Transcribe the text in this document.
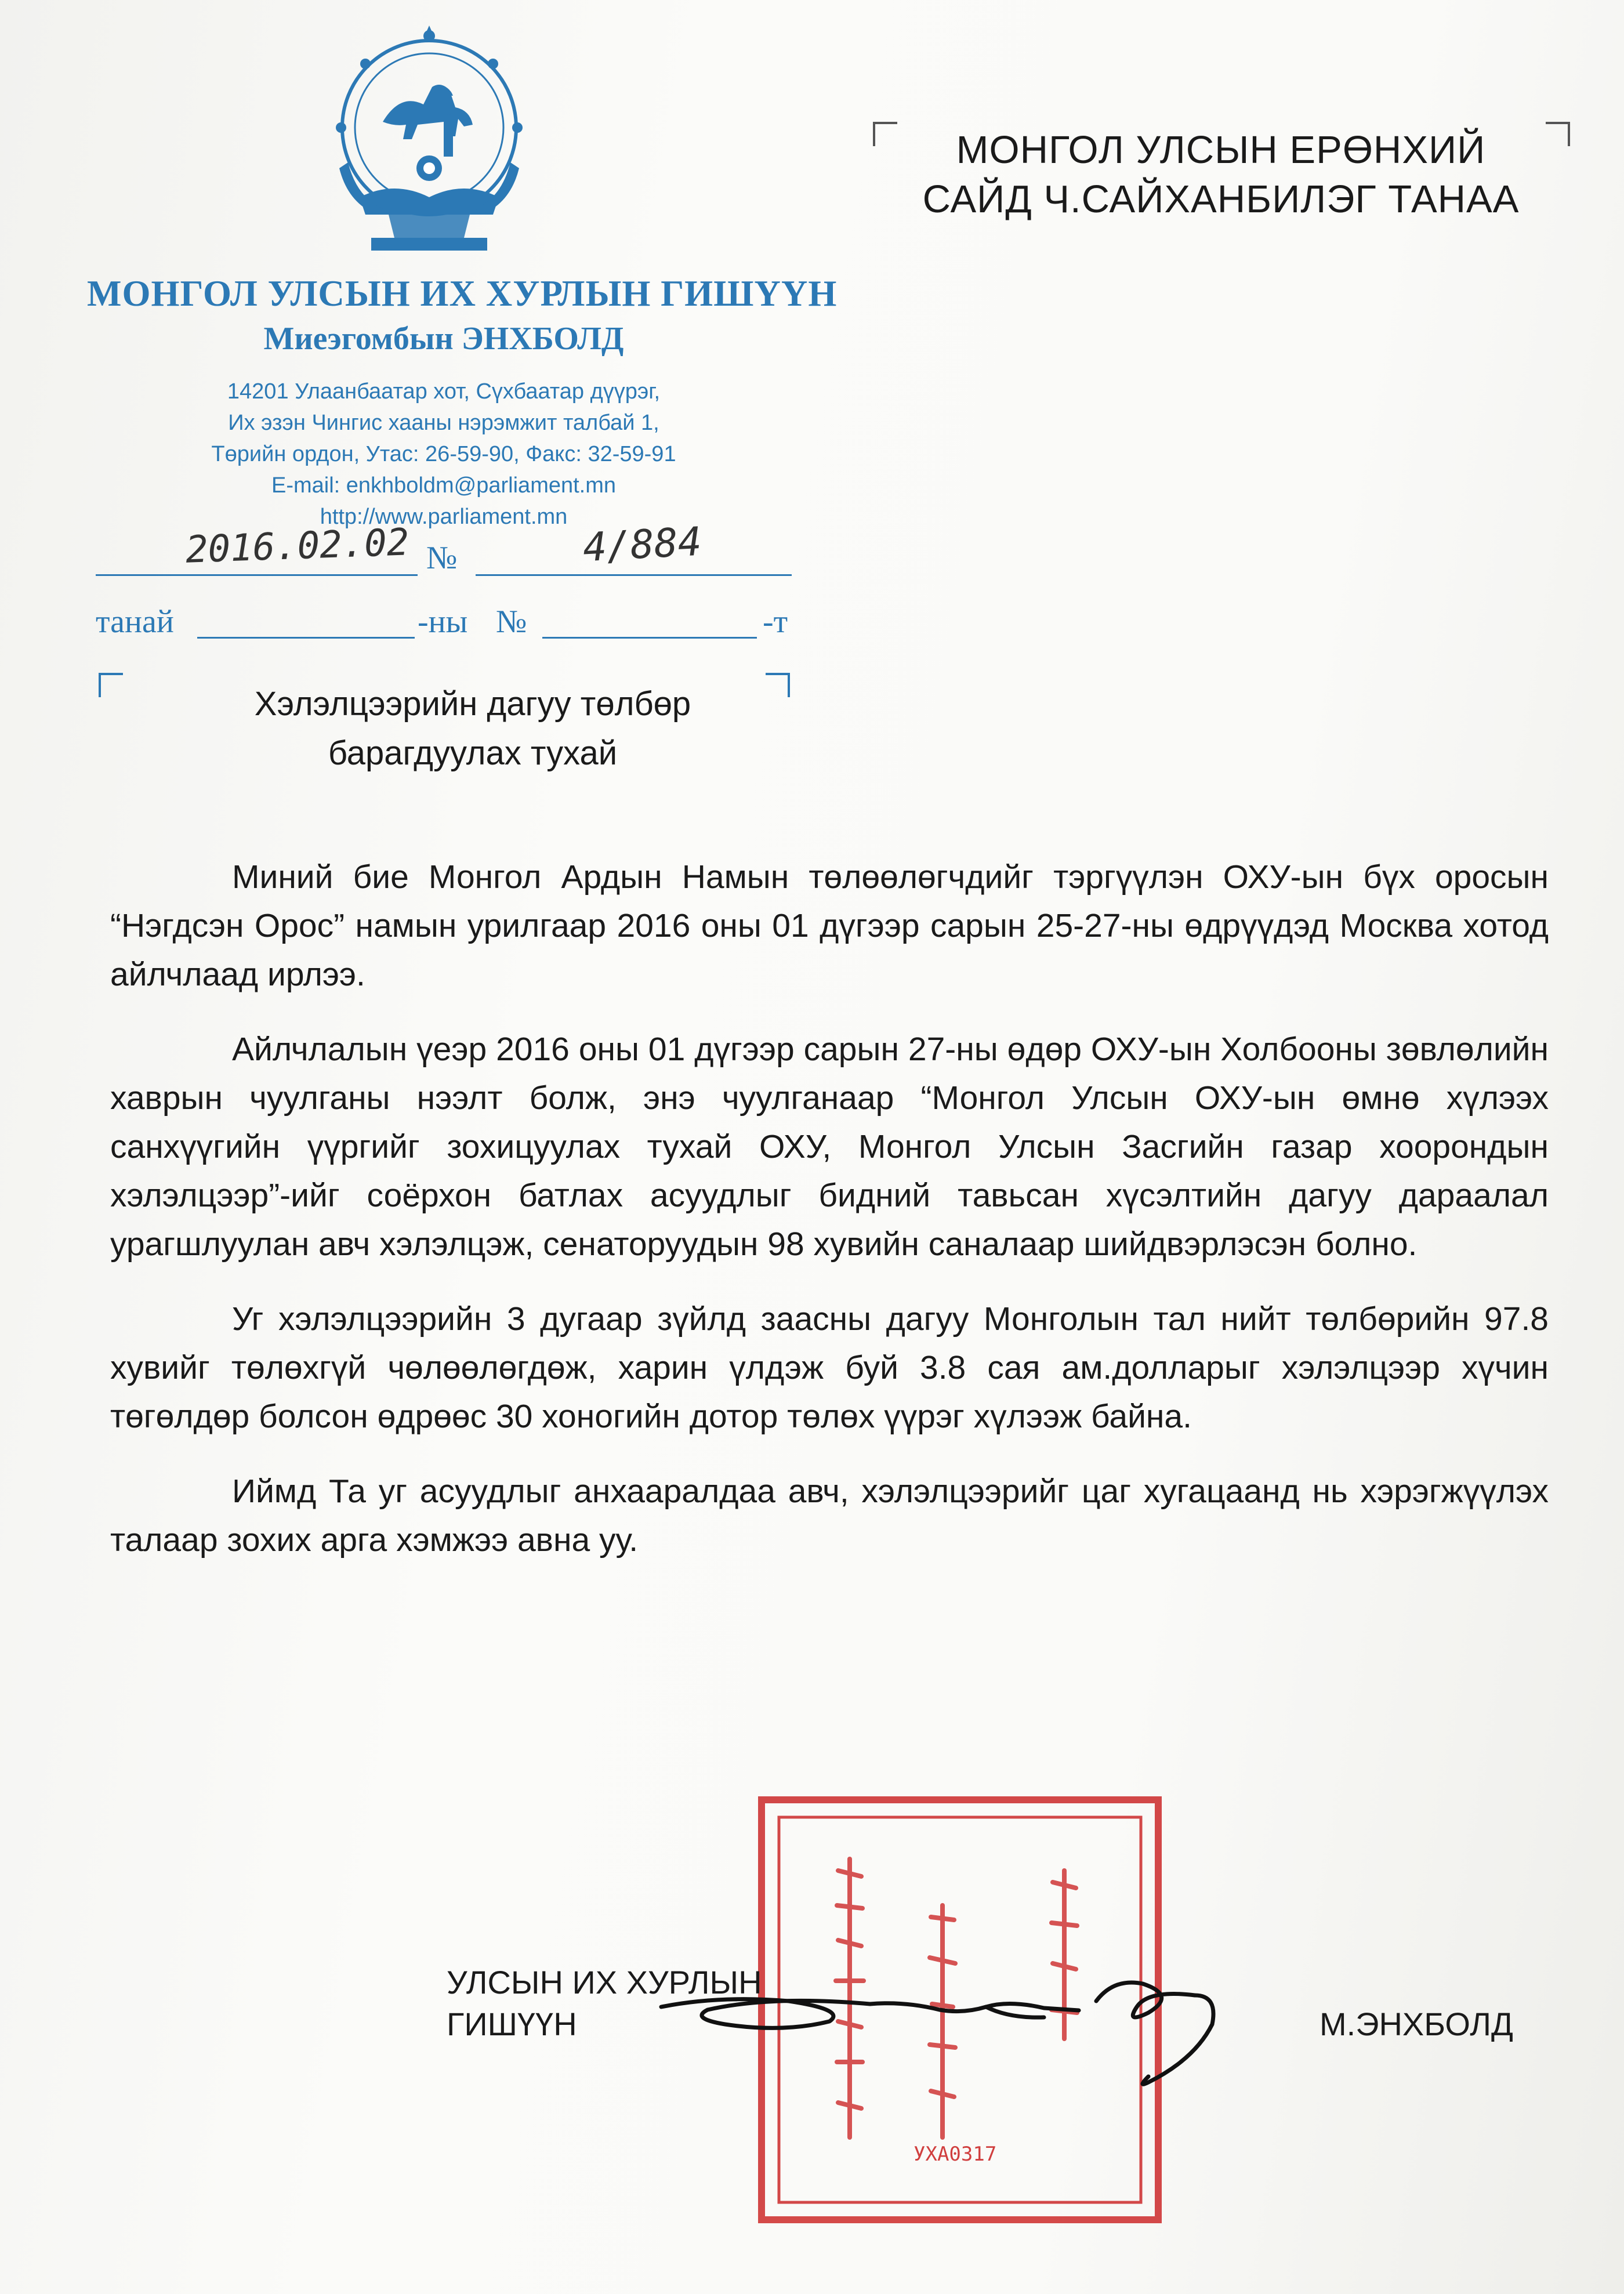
МОНГОЛ УЛСЫН ИХ ХУРЛЫН ГИШҮҮН
Миеэгомбын ЭНХБОЛД
14201 Улаанбаатар хот, Сүхбаатар дүүрэг,
Их эзэн Чингис хааны нэрэмжит талбай 1,
Төрийн ордон, Утас: 26-59-90, Факс: 32-59-91
E-mail: enkhboldm@parliament.mn
http://www.parliament.mn
2016.02.02 №	4/884
танай	-ны №	-т
МОНГОЛ УЛСЫН ЕРӨНХИЙ
САЙД Ч.САЙХАНБИЛЭГ ТАНАА
Хэлэлцээрийн дагуу төлбөр
барагдуулах тухай

Миний бие Монгол Ардын Намын төлөөлөгчдийг тэргүүлэн ОХУ-ын бүх оросын “Нэгдсэн Орос” намын урилгаар 2016 оны 01 дүгээр сарын 25-27-ны өдрүүдэд Москва хотод айлчлаад ирлээ.

Айлчлалын үеэр 2016 оны 01 дүгээр сарын 27-ны өдөр ОХУ-ын Холбооны зөвлөлийн хаврын чуулганы нээлт болж, энэ чуулганаар “Монгол Улсын ОХУ-ын өмнө хүлээх санхүүгийн үүргийг зохицуулах тухай ОХУ, Монгол Улсын Засгийн газар хоорондын хэлэлцээр”-ийг соёрхон батлах асуудлыг бидний тавьсан хүсэлтийн дагуу дараалал урагшлуулан авч хэлэлцэж, сенаторуудын 98 хувийн саналаар шийдвэрлэсэн болно.

Уг хэлэлцээрийн 3 дугаар зүйлд заасны дагуу Монголын тал нийт төлбөрийн 97.8 хувийг төлөхгүй чөлөөлөгдөж, харин үлдэж буй 3.8 сая ам.долларыг хэлэлцээр хүчин төгөлдөр болсон өдрөөс 30 хоногийн дотор төлөх үүрэг хүлээж байна.

Иймд Та уг асуудлыг анхааралдаа авч, хэлэлцээрийг цаг хугацаанд нь хэрэгжүүлэх талаар зохих арга хэмжээ авна уу.

УХА0317
УЛСЫН ИХ ХУРЛЫН
ГИШҮҮН	М.ЭНХБОЛД
